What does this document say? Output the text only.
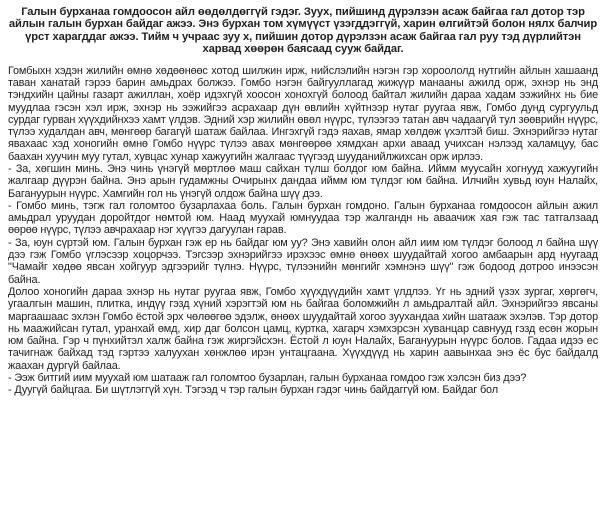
Галын бурханаа гомдоосон айл өөдөлдөггүй гэдэг. Зуух, пийшинд дүрэлзэн асаж байгаа гал дотор тэр айлын галын бурхан байдаг ажээ. Энэ бурхан том хүмүүст үзэгддэггүй, харин өлгийтэй болон нялх балчир үрст харагддаг ажээ. Тийм ч учраас зуу х, пийшин дотор дүрэлзэн асаж байгаа гал руу тэд дүрлийтэн харвад хөөрөн баясаад сууж байдаг.

Гомбыхн хэдэн жилийн өмнө хөдөөнөөс хотод шилжин ирж, нийслэлийн нэгэн гэр хороололд нутгийн айлын хашаанд таван ханатай гэрээ барин амьдрах болжээ. Гомбо нэгэн байгууллагад жижүүр манааны ажилд орж, эхнэр нь энд тэндхийн цайны газарт ажиллан, хоёр идэхгүй хоосон хоноxгүй болоод байтал жилийн дараа хадам ээжийнх нь бие муудлаа гэсэн хэл ирж, эхнэр нь ээжийгээ асрахаар дүн өвлийн хүйтнээр нутаг руугаа явж, Гомбо дунд сургуульд сурдаг гурван хүүхдийнхээ хамт үлдэв. Эдний хэр жилийн өвөл нүүрс, түлээгээ татан авч чадаагүй тул зөөврийн нүүрс, түлээ худалдан авч, мөнгөөр багагүй шатаж байлаа. Ингэхгүй гэдэ яахав, ямар хөлдөж үхэлтэй биш. Эхнэрийгээ нутаг явахаас хэд хоногийн өмнө Гомбо нүүрс түлээ авах мөнгөөрөө хямдхан архи аваад учихсан нэлээд халамцуу, бас баахан хуучин муу гутал, хувцас хунар хажуугийн жалгаас түүгээд шууданийлжихсан орж ирлээ.

- За, хөгшин минь. Энэ чинь үнэгүй мөртлөө маш сайхан түлш болдог юм байна. Иймм муусайн хогнууд хажуугийн жалгаар дүүрэн байна. Энэ арын гудамжны Очирынх дандаа иймм юм түлдэг юм байна. Илчийн хувьд юун Налайх, Багануурын нүүрс. Хамгийн гол нь үнэгүй олдож байна шүү дээ.

- Гомбо минь, тэгж гал голомтоо бузарлахаа боль. Галын бурхан гомдоно. Галын бурханаа гомдоосон айлын ажил амьдрал уруудан доройтдог нөмтой юм. Наад муухай юмнуудаа тэр жалгандн нь аваачиж хая гэж тас татгалзаад өөрөө нүүрс, түлээ авчрахаар нэг хүүгээ дагуулан гарав.

- За, юун сүртэй юм. Галын бурхан гэж ер нь байдаг юм уу? Энэ хавийн олон айл иим юм түлдэг болоод л байна шүү дээ гэж Гомбо үглэсээр хоцорчээ. Тэгсээр эхнэрийгээ ирэхээс өмнө өнөөх шуудайтай хогоо амбаарын ард нуугаад "Чамайг хөдөө явсан хойгуур эдгээрийг түлнэ. Нүүрс, түлээнийн мөнгийг хэмнэнэ шүү" гэж бодоод дотроо инээсэн байна.

Долоо хоногийн дараа эхнэр нь нутаг руугаа явж, Гомбо хүүхдүүдийн хамт үлдлээ. Үг нь эдний үзэх зургаг, хөргөгч, угаалгын машин, плитка, индүү гэзд хүний хэрэгтэй юм нь байгаа боломжийн л амьдралтай айл. Эхнэрийгээ явсаны маргаашаас эхлэн Гомбо ёстой эрх чөлөөгөө эдэлж, өнөөх шуудайтай хогоо зуухандаа хийн шатааж эхэлэв. Тэр дотор нь маажийсан гутал, уранхай өмд, хир даг болсон цамц, куртка, хагарч хэмхэрсэн хуванцар савнууд гэзд есөн жорын юм байна. Гэр ч пүнхийтэл халж байна гэж жиргэйсхэн. Ёстой л юун Налайх, Багануурын нүүрс болов. Гадаа идээ ес тачигнаж байхад тэд гэртээ халуухан хөнжлөө ирэн унтацгаана. Хүүхдүүд нь харин аавынхаа энэ ёс бус байдалд жаахан дургүй байлаа.

- Ээж битгий иим муухай юм шатааж гал голомтоо бузарлан, галын бурханаа гомдоо гэж хэлсэн биз дээ?

- Дуугүй байцгаа. Би шүтлэггүй хүн. Тэгээд ч тэр галын бурхан гэдэг чинь байдаггүй юм. Байдаг бол
